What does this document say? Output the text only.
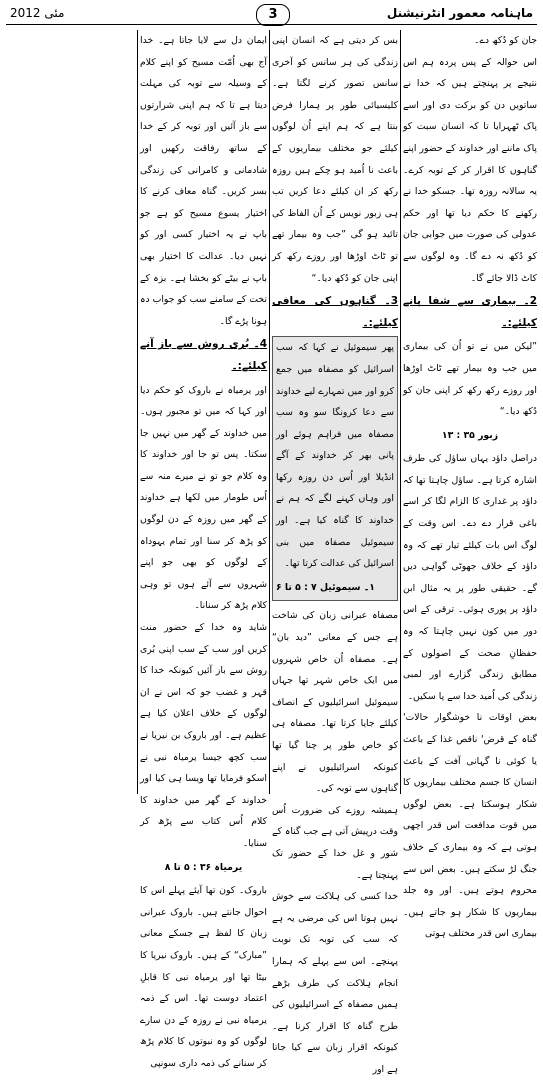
ماہنامہ معمور انٹرنیشنل
3
مئی 2012

جان کو دُکھ دے۔

اس حوالہ کے پس پردہ ہم اس نتیجے پر پہنچتے ہیں کہ خدا نے ساتویں دن کو برکت دی اور اسے پاک ٹھہرایا تا کہ انسان سبت کو پاک ماننے اور خداوند کے حضور اپنے گناہوں کا اقرار کر کے توبہ کرے۔ یہ سالانہ روزہ تھا۔ جسکو خدا نے رکھنے کا حکم دیا تھا اور حکم عدولی کی صورت میں جوابی جان کو دُکھ نہ دے گا۔ وہ لوگوں سے کاٹ ڈالا جائے گا۔

2۔ بیماری سے شفا پانے کیلئے:۔

”لیکن میں نے تو اُن کی بیماری میں جب وہ بیمار تھے ٹاٹ اوڑھا اور روزے رکھ رکھ کر اپنی جان کو دُکھ دیا۔“

زبور ۳۵ : ۱۳

دراصل داؤد یہاں ساؤل کی طرف اشارہ کرتا ہے۔ ساؤل چاہتا تھا کہ داؤد پر غداری کا الزام لگا کر اسے باغی قرار دے دے۔ اس وقت کے لوگ اس بات کیلئے تیار تھے کہ وہ داؤد کے خلاف جھوٹی گواہی دیں گے۔ حقیقی طور پر یہ مثال ابن داؤد پر پوری ہوئی۔ ترقی کے اس دور میں کون نہیں چاہتا کہ وہ حفظانِ صحت کے اصولوں کے مطابق زندگی گزارے اور لمبی زندگی کی اُمید خدا سے پا سکیں۔

بعض اوقات نا خوشگوار حالات' گناہ کے قرض' ناقص غذا کے باعث یا کوئی نا گہانی آفت کے باعث انسان کا جسم مختلف بیماریوں کا شکار ہوسکتا ہے۔ بعض لوگوں میں قوت مدافعت اس قدر اچھی ہوتی ہے کہ وہ بیماری کے خلاف جنگ لڑ سکتے ہیں۔ بعض اس سے محروم ہوتے ہیں۔ اور وہ جلد بیماریوں کا شکار ہو جاتے ہیں۔ بیماری اس قدر مختلف ہوتی

بس کر دیتی ہے کہ انسان اپنی زندگی کی ہر سانس کو آخری سانس تصور کرنے لگتا ہے۔ کلیسیائی طور پر ہمارا فرض بنتا ہے کہ ہم اپنے اُن لوگوں کیلئے جو مختلف بیماریوں کے باعث نا اُمید ہو چکے ہیں روزہ رکھ کر ان کیلئے دعا کریں تب ہی زبور نویس کے اُن الفاظ کی تائید ہو گی ”جب وہ بیمار تھے تو ٹاٹ اوڑھا اور روزے رکھ کر اپنی جان کو دُکھ دیا۔“

3۔ گناہوں کی معافی کیلئے:۔

پھر سیموئیل نے کہا کہ سب اسرائیل کو مصفاہ میں جمع کرو اور میں تمہارے لیے خداوند سے دعا کرونگا سو وہ سب مصفاہ میں فراہم ہوئے اور پانی بھر کر خداوند کے آگے انڈیلا اور اُس دن روزہ رکھا اور وہاں کہنے لگے کہ ہم نے خداوند کا گناہ کیا ہے۔ اور سیموئیل مصفاہ میں بنی اسرائیل کی عدالت کرتا تھا۔

۱۔ سیموئیل ۷ : ۵ تا ۶

مصفاہ عبرانی زبان کی شاخت ہے جس کے معانی ”دید بان“ ہے۔ مصفاہ اُن خاص شہروں میں ایک خاص شہر تھا جہاں سیموئیل اسرائیلیوں کے انصاف کیلئے جایا کرتا تھا۔ مصفاہ ہی کو خاص طور پر چنا گیا تھا کیونکہ اسرائیلیوں نے اپنے گناہوں سے توبہ کی۔

ہمیشہ روزے کی ضرورت اُس وقت درپیش آتی ہے جب گناہ کے شور و غل خدا کے حضور تک پہنچتا ہے۔

خدا کسی کی ہلاکت سے خوش نہیں ہوتا اس کی مرضی یہ ہے کہ سب کی توبہ تک نوبت پہنچے۔ اس سے پہلے کہ ہمارا انجام ہلاکت کی طرف بڑھے ہمیں مصفاہ کے اسرائیلیوں کی طرح گناہ کا اقرار کرنا ہے۔ کیونکہ اقرار زبان سے کیا جاتا ہے اور

ایمان دل سے لایا جاتا ہے۔ خدا آج بھی اُمّت مسیح کو اپنے کلام کے وسیلہ سے توبہ کی مہلت دیتا ہے تا کہ ہم اپنی شرارتوں سے باز آئیں اور توبہ کر کے خدا کے ساتھ رفاقت رکھیں اور شادمانی و کامرانی کی زندگی بسر کریں۔ گناہ معاف کرنے کا اختیار یسوع مسیح کو ہے جو باپ نے یہ اختیار کسی اور کو نہیں دیا۔ عدالت کا اختیار بھی باپ نے بیٹے کو بخشا ہے۔ بزہ کے تخت کے سامنے سب کو جواب دہ ہونا پڑے گا۔

4۔ بُری روش سے باز آنے کیلئے:۔

اور یرمیاہ نے باروک کو حکم دیا اور کہا کہ میں تو مجبور ہوں۔ میں خداوند کے گھر میں نہیں جا سکتا۔ پس تو جا اور خداوند کا وہ کلام جو تو نے میرے منہ سے اُس طومار میں لکھا ہے خداوند کے گھر میں روزہ کے دن لوگوں کو پڑھ کر سنا اور تمام یہوداہ کے لوگوں کو بھی جو اپنے شہروں سے آئے ہوں تو وہی کلام پڑھ کر سنانا۔

شاید وہ خدا کے حضور منت کریں اور سب کے سب اپنی بُری روش سے باز آئیں کیونکہ خدا کا قہر و غضب جو کہ اس نے ان لوگوں کے خلاف اعلان کیا ہے عظیم ہے۔ اور باروک بن نیریا نے سب کچھ جیسا یرمیاہ نبی نے اسکو فرمایا تھا ویسا ہی کیا اور خداوند کے گھر میں خداوند کا کلام اُس کتاب سے پڑھ کر سنایا۔

یرمیاہ ۳۶ : ۵ تا ۸

باروک۔ کون تھا آیئے پہلے اس کا احوال جانتے ہیں۔ باروک عبرانی زبان کا لفظ ہے جسکے معانی ”مبارک“ کے ہیں۔ باروک نیریا کا بیٹا تھا اور یرمیاہ نبی کا قابلِ اعتماد دوست تھا۔ اس کے ذمہ یرمیاہ نبی نے روزہ کے دن سارے لوگوں کو وہ نبوتوں کا کلام پڑھ کر سنانے کی ذمہ داری سونپی
